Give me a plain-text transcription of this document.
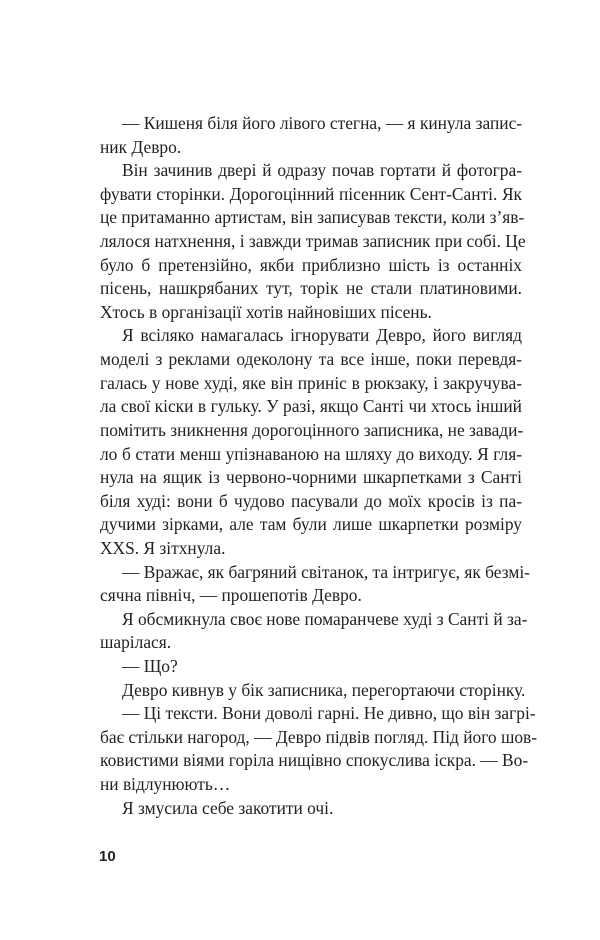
— Кишеня біля його лівого стегна, — я кинула запис-
ник Девро.
Він зачинив двері й одразу почав гортати й фотогра-
фувати сторінки. Дорогоцінний пісенник Сент-Санті. Як
це притаманно артистам, він записував тексти, коли з’яв-
лялося натхнення, і завжди тримав записник при собі. Це
було б претензійно, якби приблизно шість із останніх
пісень, нашкрябаних тут, торік не стали платиновими.
Хтось в організації хотів найновіших пісень.
Я всіляко намагалась ігнорувати Девро, його вигляд
моделі з реклами одеколону та все інше, поки перевдя-
галась у нове худі, яке він приніс в рюкзаку, і закручува-
ла свої кіски в гульку. У разі, якщо Санті чи хтось інший
помітить зникнення дорогоцінного записника, не завади-
ло б стати менш упізнаваною на шляху до виходу. Я гля-
нула на ящик із червоно-чорними шкарпетками з Санті
біля худі: вони б чудово пасували до моїх кросів із па-
дучими зірками, але там були лише шкарпетки розміру
XXS. Я зітхнула.
— Вражає, як багряний світанок, та інтригує, як безмі-
сячна північ, — прошепотів Девро.
Я обсмикнула своє нове помаранчеве худі з Санті й за-
шарілася.
— Що?
Девро кивнув у бік записника, перегортаючи сторінку.
— Ці тексти. Вони доволі гарні. Не дивно, що він загрі-
бає стільки нагород, — Девро підвів погляд. Під його шов-
ковистими віями горіла нищівно спокуслива іскра. — Во-
ни відлунюють…
Я змусила себе закотити очі.
10
